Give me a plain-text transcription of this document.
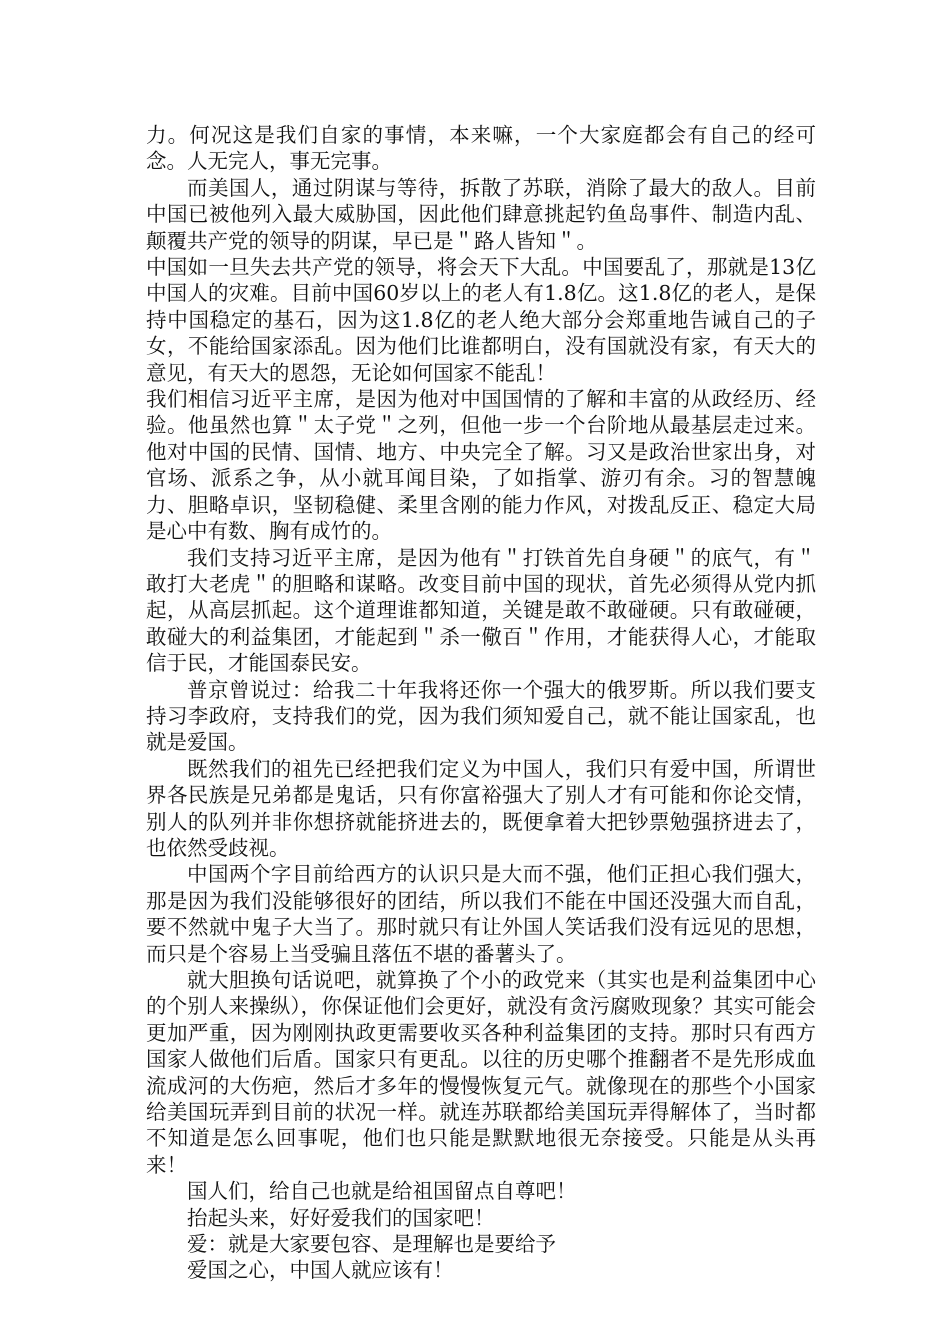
力。何况这是我们自家的事情，本来嘛，一个大家庭都会有自己的经可念。人无完人，事无完事。

而美国人，通过阴谋与等待，拆散了苏联，消除了最大的敌人。目前中国已被他列入最大威胁国，因此他们肆意挑起钓鱼岛事件、制造内乱、颠覆共产党的领导的阴谋，早已是＂路人皆知＂。

中国如一旦失去共产党的领导，将会天下大乱。中国要乱了，那就是13亿中国人的灾难。目前中国60岁以上的老人有1.8亿。这1.8亿的老人，是保持中国稳定的基石，因为这1.8亿的老人绝大部分会郑重地告诫自己的子女，不能给国家添乱。因为他们比谁都明白，没有国就没有家，有天大的意见，有天大的恩怨，无论如何国家不能乱！

我们相信习近平主席，是因为他对中国国情的了解和丰富的从政经历、经验。他虽然也算＂太子党＂之列，但他一步一个台阶地从最基层走过来。他对中国的民情、国情、地方、中央完全了解。习又是政治世家出身，对官场、派系之争，从小就耳闻目染，了如指掌、游刃有余。习的智慧魄力、胆略卓识，坚韧稳健、柔里含刚的能力作风，对拨乱反正、稳定大局是心中有数、胸有成竹的。

我们支持习近平主席，是因为他有＂打铁首先自身硬＂的底气，有＂敢打大老虎＂的胆略和谋略。改变目前中国的现状，首先必须得从党内抓起，从高层抓起。这个道理谁都知道，关键是敢不敢碰硬。只有敢碰硬，敢碰大的利益集团，才能起到＂杀一儆百＂作用，才能获得人心，才能取信于民，才能国泰民安。

普京曾说过：给我二十年我将还你一个强大的俄罗斯。所以我们要支持习李政府，支持我们的党，因为我们须知爱自己，就不能让国家乱，也就是爱国。

既然我们的祖先已经把我们定义为中国人，我们只有爱中国，所谓世界各民族是兄弟都是鬼话，只有你富裕强大了别人才有可能和你论交情，别人的队列并非你想挤就能挤进去的，既便拿着大把钞票勉强挤进去了，也依然受歧视。

中国两个字目前给西方的认识只是大而不强，他们正担心我们强大，那是因为我们没能够很好的团结，所以我们不能在中国还没强大而自乱，要不然就中鬼子大当了。那时就只有让外国人笑话我们没有远见的思想，而只是个容易上当受骗且落伍不堪的番薯头了。

就大胆换句话说吧，就算换了个小的政党来（其实也是利益集团中心的个别人来操纵），你保证他们会更好，就没有贪污腐败现象？其实可能会更加严重，因为刚刚执政更需要收买各种利益集团的支持。那时只有西方国家人做他们后盾。国家只有更乱。以往的历史哪个推翻者不是先形成血流成河的大伤疤，然后才多年的慢慢恢复元气。就像现在的那些个小国家给美国玩弄到目前的状况一样。就连苏联都给美国玩弄得解体了，当时都不知道是怎么回事呢，他们也只能是默默地很无奈接受。只能是从头再来！

国人们，给自己也就是给祖国留点自尊吧！

抬起头来，好好爱我们的国家吧！

爱：就是大家要包容、是理解也是要给予

爱国之心，中国人就应该有！
